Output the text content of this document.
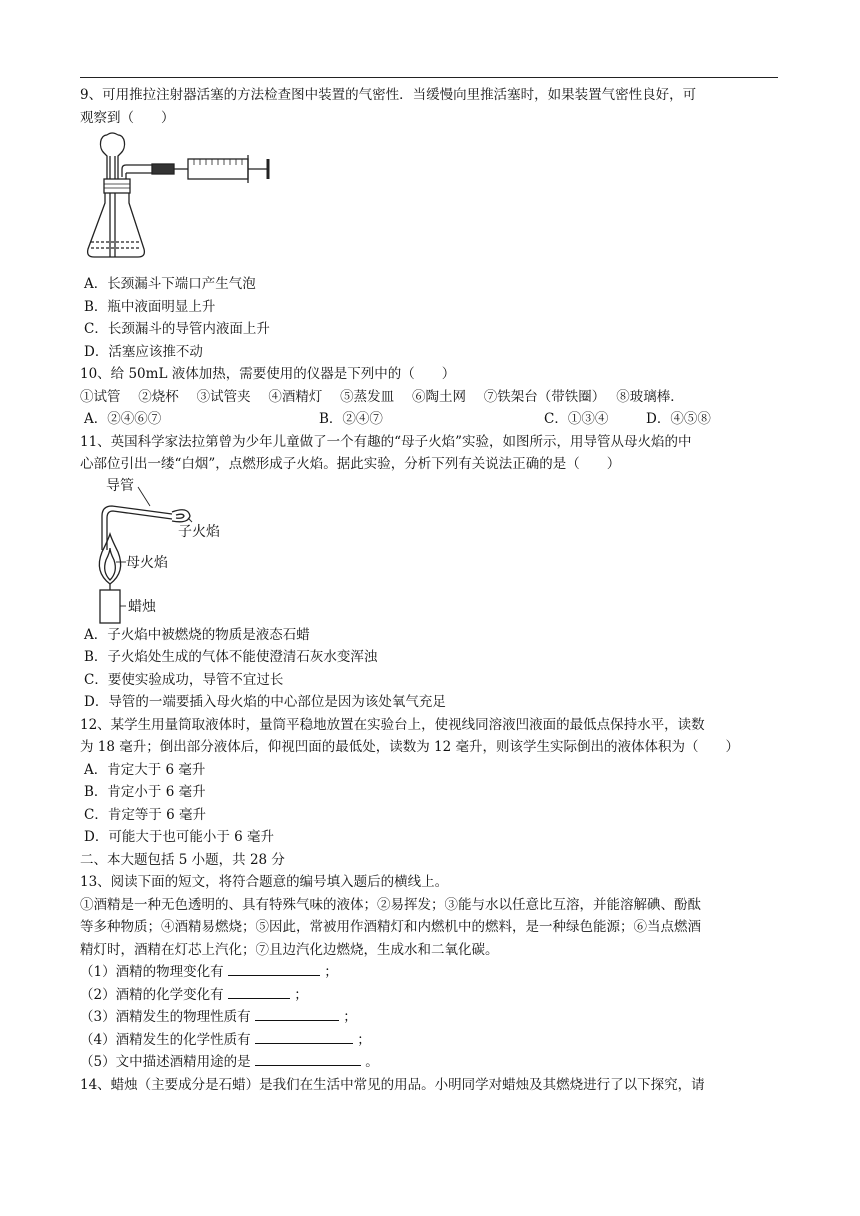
9、可用推拉注射器活塞的方法检查图中装置的气密性．当缓慢向里推活塞时，如果装置气密性良好，可
观察到（　　）
A．长颈漏斗下端口产生气泡
B．瓶中液面明显上升
C．长颈漏斗的导管内液面上升
D．活塞应该推不动
10、给 50mL 液体加热，需要使用的仪器是下列中的（　　）
①试管　 ②烧杯　 ③试管夹　 ④酒精灯　 ⑤蒸发皿　 ⑥陶土网　 ⑦铁架台（带铁圈）　 ⑧玻璃棒．
A．②④⑥⑦	B．②④⑦	C．①③④	D．④⑤⑧
11、英国科学家法拉第曾为少年儿童做了一个有趣的“母子火焰”实验，如图所示，用导管从母火焰的中
心部位引出一缕“白烟”，点燃形成子火焰。据此实验，分析下列有关说法正确的是（　　）
导管
子火焰
母火焰
蜡烛
A．子火焰中被燃烧的物质是液态石蜡
B．子火焰处生成的气体不能使澄清石灰水变浑浊
C．要使实验成功，导管不宜过长
D．导管的一端要插入母火焰的中心部位是因为该处氧气充足
12、某学生用量筒取液体时，量筒平稳地放置在实验台上，使视线同溶液凹液面的最低点保持水平，读数
为 18 毫升；倒出部分液体后，仰视凹面的最低处，读数为 12 毫升，则该学生实际倒出的液体体积为（　　）
A．肯定大于 6 毫升
B．肯定小于 6 毫升
C．肯定等于 6 毫升
D．可能大于也可能小于 6 毫升
二、本大题包括 5 小题，共 28 分
13、阅读下面的短文，将符合题意的编号填入题后的横线上。
①酒精是一种无色透明的、具有特殊气味的液体；②易挥发；③能与水以任意比互溶，并能溶解碘、酚酞
等多种物质；④酒精易燃烧；⑤因此，常被用作酒精灯和内燃机中的燃料，是一种绿色能源；⑥当点燃酒
精灯时，酒精在灯芯上汽化；⑦且边汽化边燃烧，生成水和二氧化碳。
（1）酒精的物理变化有	；
（2）酒精的化学变化有	；
（3）酒精发生的物理性质有	；
（4）酒精发生的化学性质有	；
（5）文中描述酒精用途的是	。
14、蜡烛（主要成分是石蜡）是我们在生活中常见的用品。小明同学对蜡烛及其燃烧进行了以下探究，请
